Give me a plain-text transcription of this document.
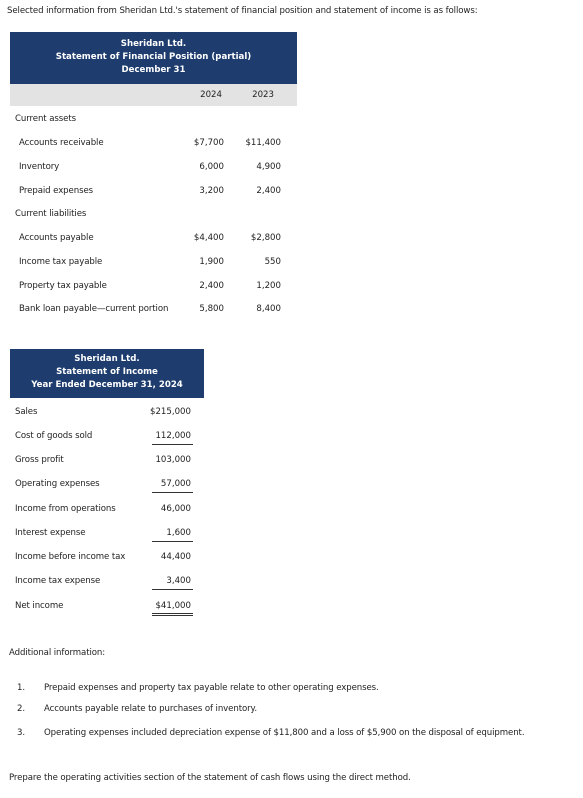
Selected information from Sheridan Ltd.'s statement of financial position and statement of income is as follows:
Sheridan Ltd.
Statement of Financial Position (partial)
December 31
2024	2023
Current assets
Accounts receivable	$7,700	$11,400
Inventory	6,000	4,900
Prepaid expenses	3,200	2,400
Current liabilities
Accounts payable	$4,400	$2,800
Income tax payable	1,900	550
Property tax payable	2,400	1,200
Bank loan payable—current portion	5,800	8,400
Sheridan Ltd.
Statement of Income
Year Ended December 31, 2024
Sales	$215,000
Cost of goods sold	112,000
Gross profit	103,000
Operating expenses	57,000
Income from operations	46,000
Interest expense	1,600
Income before income tax	44,400
Income tax expense	3,400
Net income	$41,000
Additional information:
1. Prepaid expenses and property tax payable relate to other operating expenses.
2. Accounts payable relate to purchases of inventory.
3. Operating expenses included depreciation expense of $11,800 and a loss of $5,900 on the disposal of equipment.
Prepare the operating activities section of the statement of cash flows using the direct method.
